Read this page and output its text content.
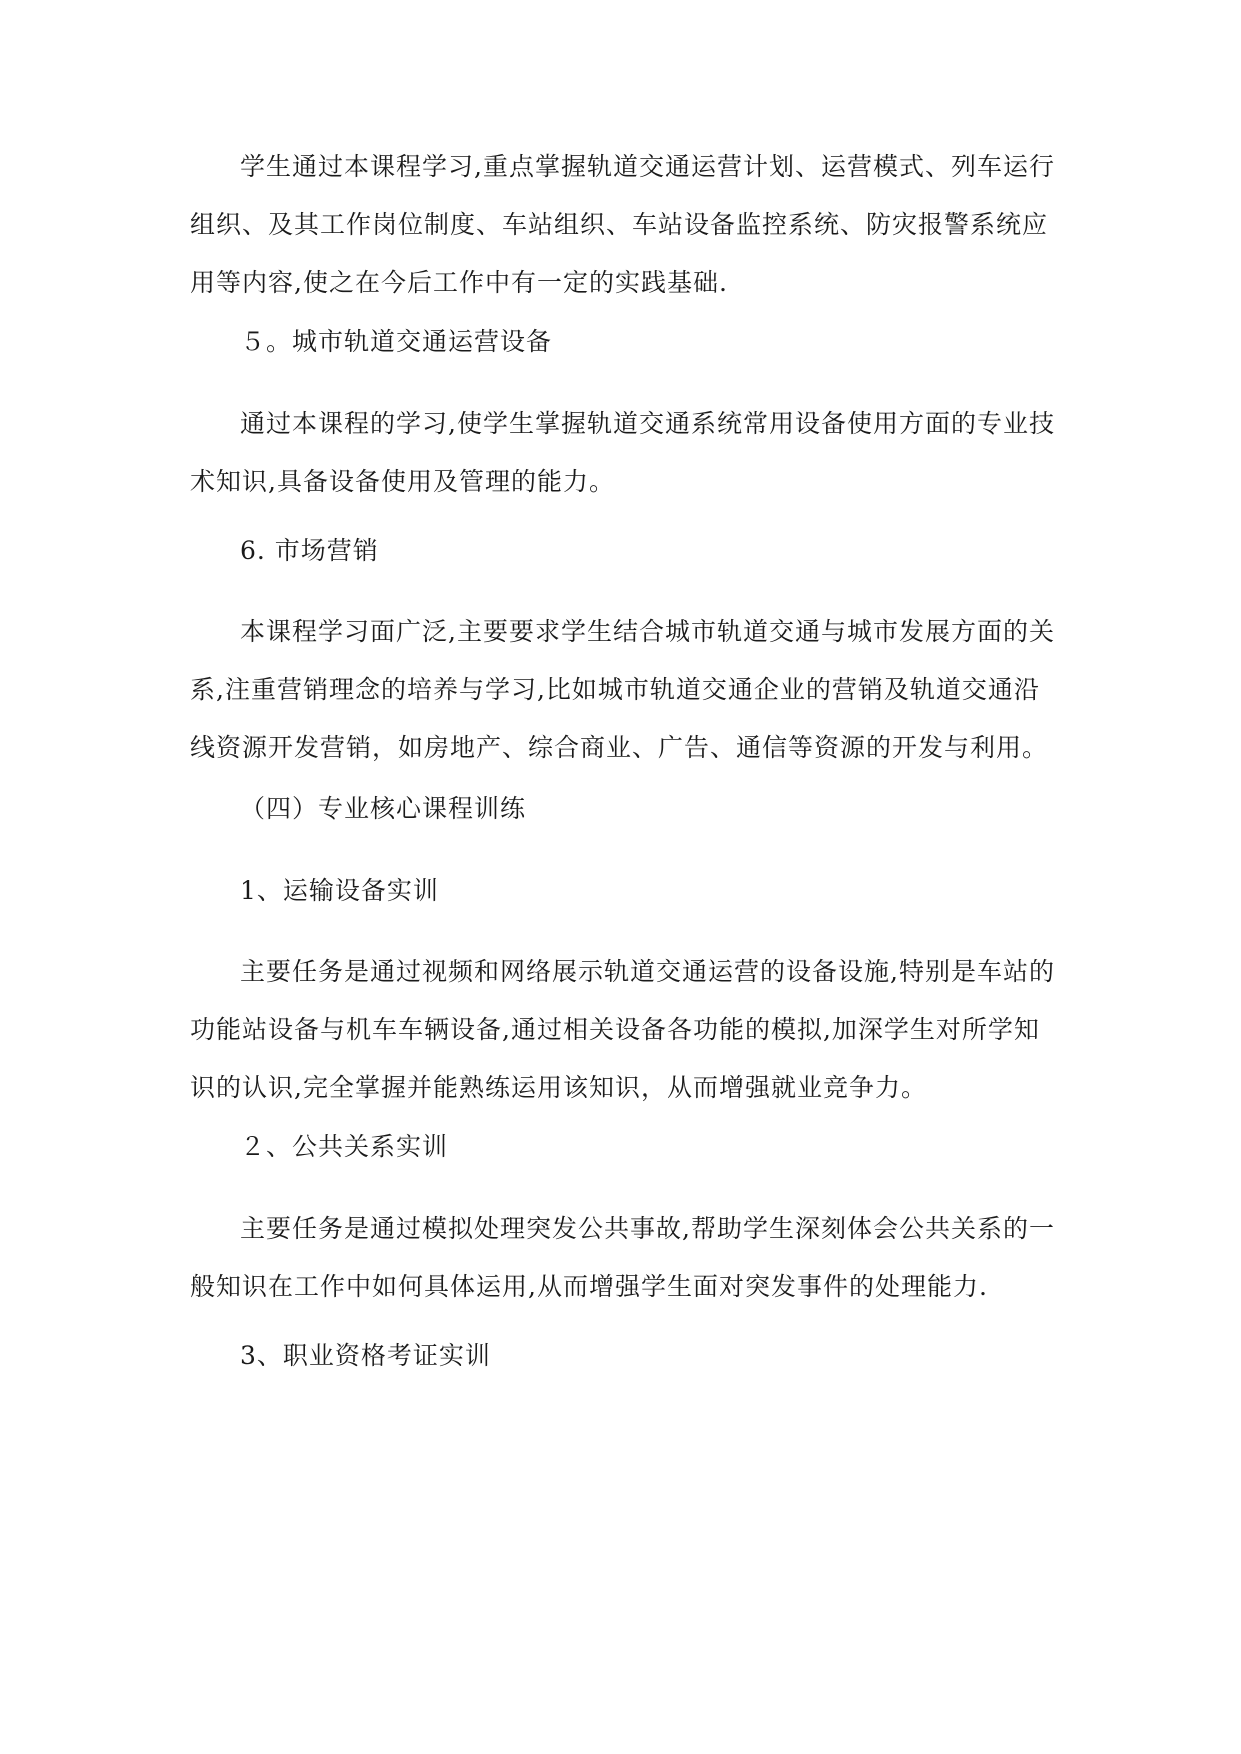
学生通过本课程学习,重点掌握轨道交通运营计划、运营模式、列车运行组织、及其工作岗位制度、车站组织、车站设备监控系统、防灾报警系统应用等内容,使之在今后工作中有一定的实践基础.

５。城市轨道交通运营设备

通过本课程的学习,使学生掌握轨道交通系统常用设备使用方面的专业技术知识,具备设备使用及管理的能力。

6. 市场营销

本课程学习面广泛,主要要求学生结合城市轨道交通与城市发展方面的关系,注重营销理念的培养与学习,比如城市轨道交通企业的营销及轨道交通沿线资源开发营销，如房地产、综合商业、广告、通信等资源的开发与利用。

（四）专业核心课程训练

1、运输设备实训

主要任务是通过视频和网络展示轨道交通运营的设备设施,特别是车站的功能站设备与机车车辆设备,通过相关设备各功能的模拟,加深学生对所学知识的认识,完全掌握并能熟练运用该知识，从而增强就业竞争力。

２、公共关系实训

主要任务是通过模拟处理突发公共事故,帮助学生深刻体会公共关系的一般知识在工作中如何具体运用,从而增强学生面对突发事件的处理能力.

3、职业资格考证实训
